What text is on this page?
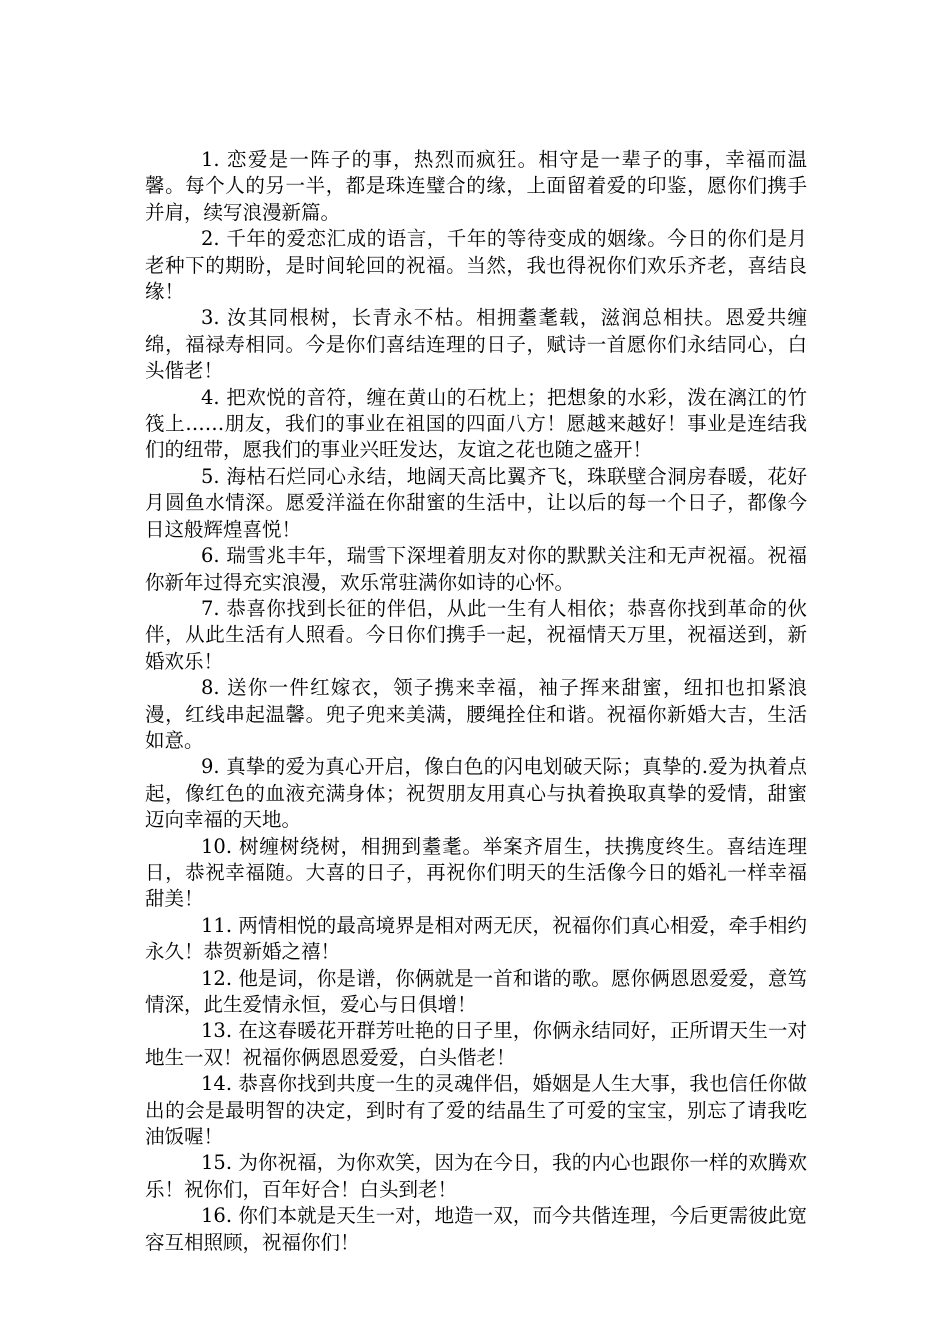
1. 恋爱是一阵子的事，热烈而疯狂。相守是一辈子的事，幸福而温馨。每个人的另一半，都是珠连璧合的缘，上面留着爱的印鉴，愿你们携手并肩，续写浪漫新篇。

2. 千年的爱恋汇成的语言，千年的等待变成的姻缘。今日的你们是月老种下的期盼，是时间轮回的祝福。当然，我也得祝你们欢乐齐老，喜结良缘！

3. 汝其同根树，长青永不枯。相拥耋耄载，滋润总相扶。恩爱共缠绵，福禄寿相同。今是你们喜结连理的日子，赋诗一首愿你们永结同心，白头偕老！

4. 把欢悦的音符，缠在黄山的石枕上；把想象的水彩，泼在漓江的竹筏上……朋友，我们的事业在祖国的四面八方！愿越来越好！事业是连结我们的纽带，愿我们的事业兴旺发达，友谊之花也随之盛开！

5. 海枯石烂同心永结，地阔天高比翼齐飞，珠联壁合洞房春暖，花好月圆鱼水情深。愿爱洋溢在你甜蜜的生活中，让以后的每一个日子，都像今日这般辉煌喜悦！

6. 瑞雪兆丰年，瑞雪下深埋着朋友对你的默默关注和无声祝福。祝福你新年过得充实浪漫，欢乐常驻满你如诗的心怀。

7. 恭喜你找到长征的伴侣，从此一生有人相依；恭喜你找到革命的伙伴，从此生活有人照看。今日你们携手一起，祝福情天万里，祝福送到，新婚欢乐！

8. 送你一件红嫁衣，领子携来幸福，袖子挥来甜蜜，纽扣也扣紧浪漫，红线串起温馨。兜子兜来美满，腰绳拴住和谐。祝福你新婚大吉，生活如意。

9. 真挚的爱为真心开启，像白色的闪电划破天际；真挚的.爱为执着点起，像红色的血液充满身体；祝贺朋友用真心与执着换取真挚的爱情，甜蜜迈向幸福的天地。

10. 树缠树绕树，相拥到耋耄。举案齐眉生，扶携度终生。喜结连理日，恭祝幸福随。大喜的日子，再祝你们明天的生活像今日的婚礼一样幸福甜美！

11. 两情相悦的最高境界是相对两无厌，祝福你们真心相爱，牵手相约永久！恭贺新婚之禧！

12. 他是词，你是谱，你俩就是一首和谐的歌。愿你俩恩恩爱爱，意笃情深，此生爱情永恒，爱心与日俱增！

13. 在这春暖花开群芳吐艳的日子里，你俩永结同好，正所谓天生一对地生一双！祝福你俩恩恩爱爱，白头偕老！

14. 恭喜你找到共度一生的灵魂伴侣，婚姻是人生大事，我也信任你做出的会是最明智的决定，到时有了爱的结晶生了可爱的宝宝，别忘了请我吃油饭喔！

15. 为你祝福，为你欢笑，因为在今日，我的内心也跟你一样的欢腾欢乐！祝你们，百年好合！白头到老！

16. 你们本就是天生一对，地造一双，而今共偕连理，今后更需彼此宽容互相照顾，祝福你们！
